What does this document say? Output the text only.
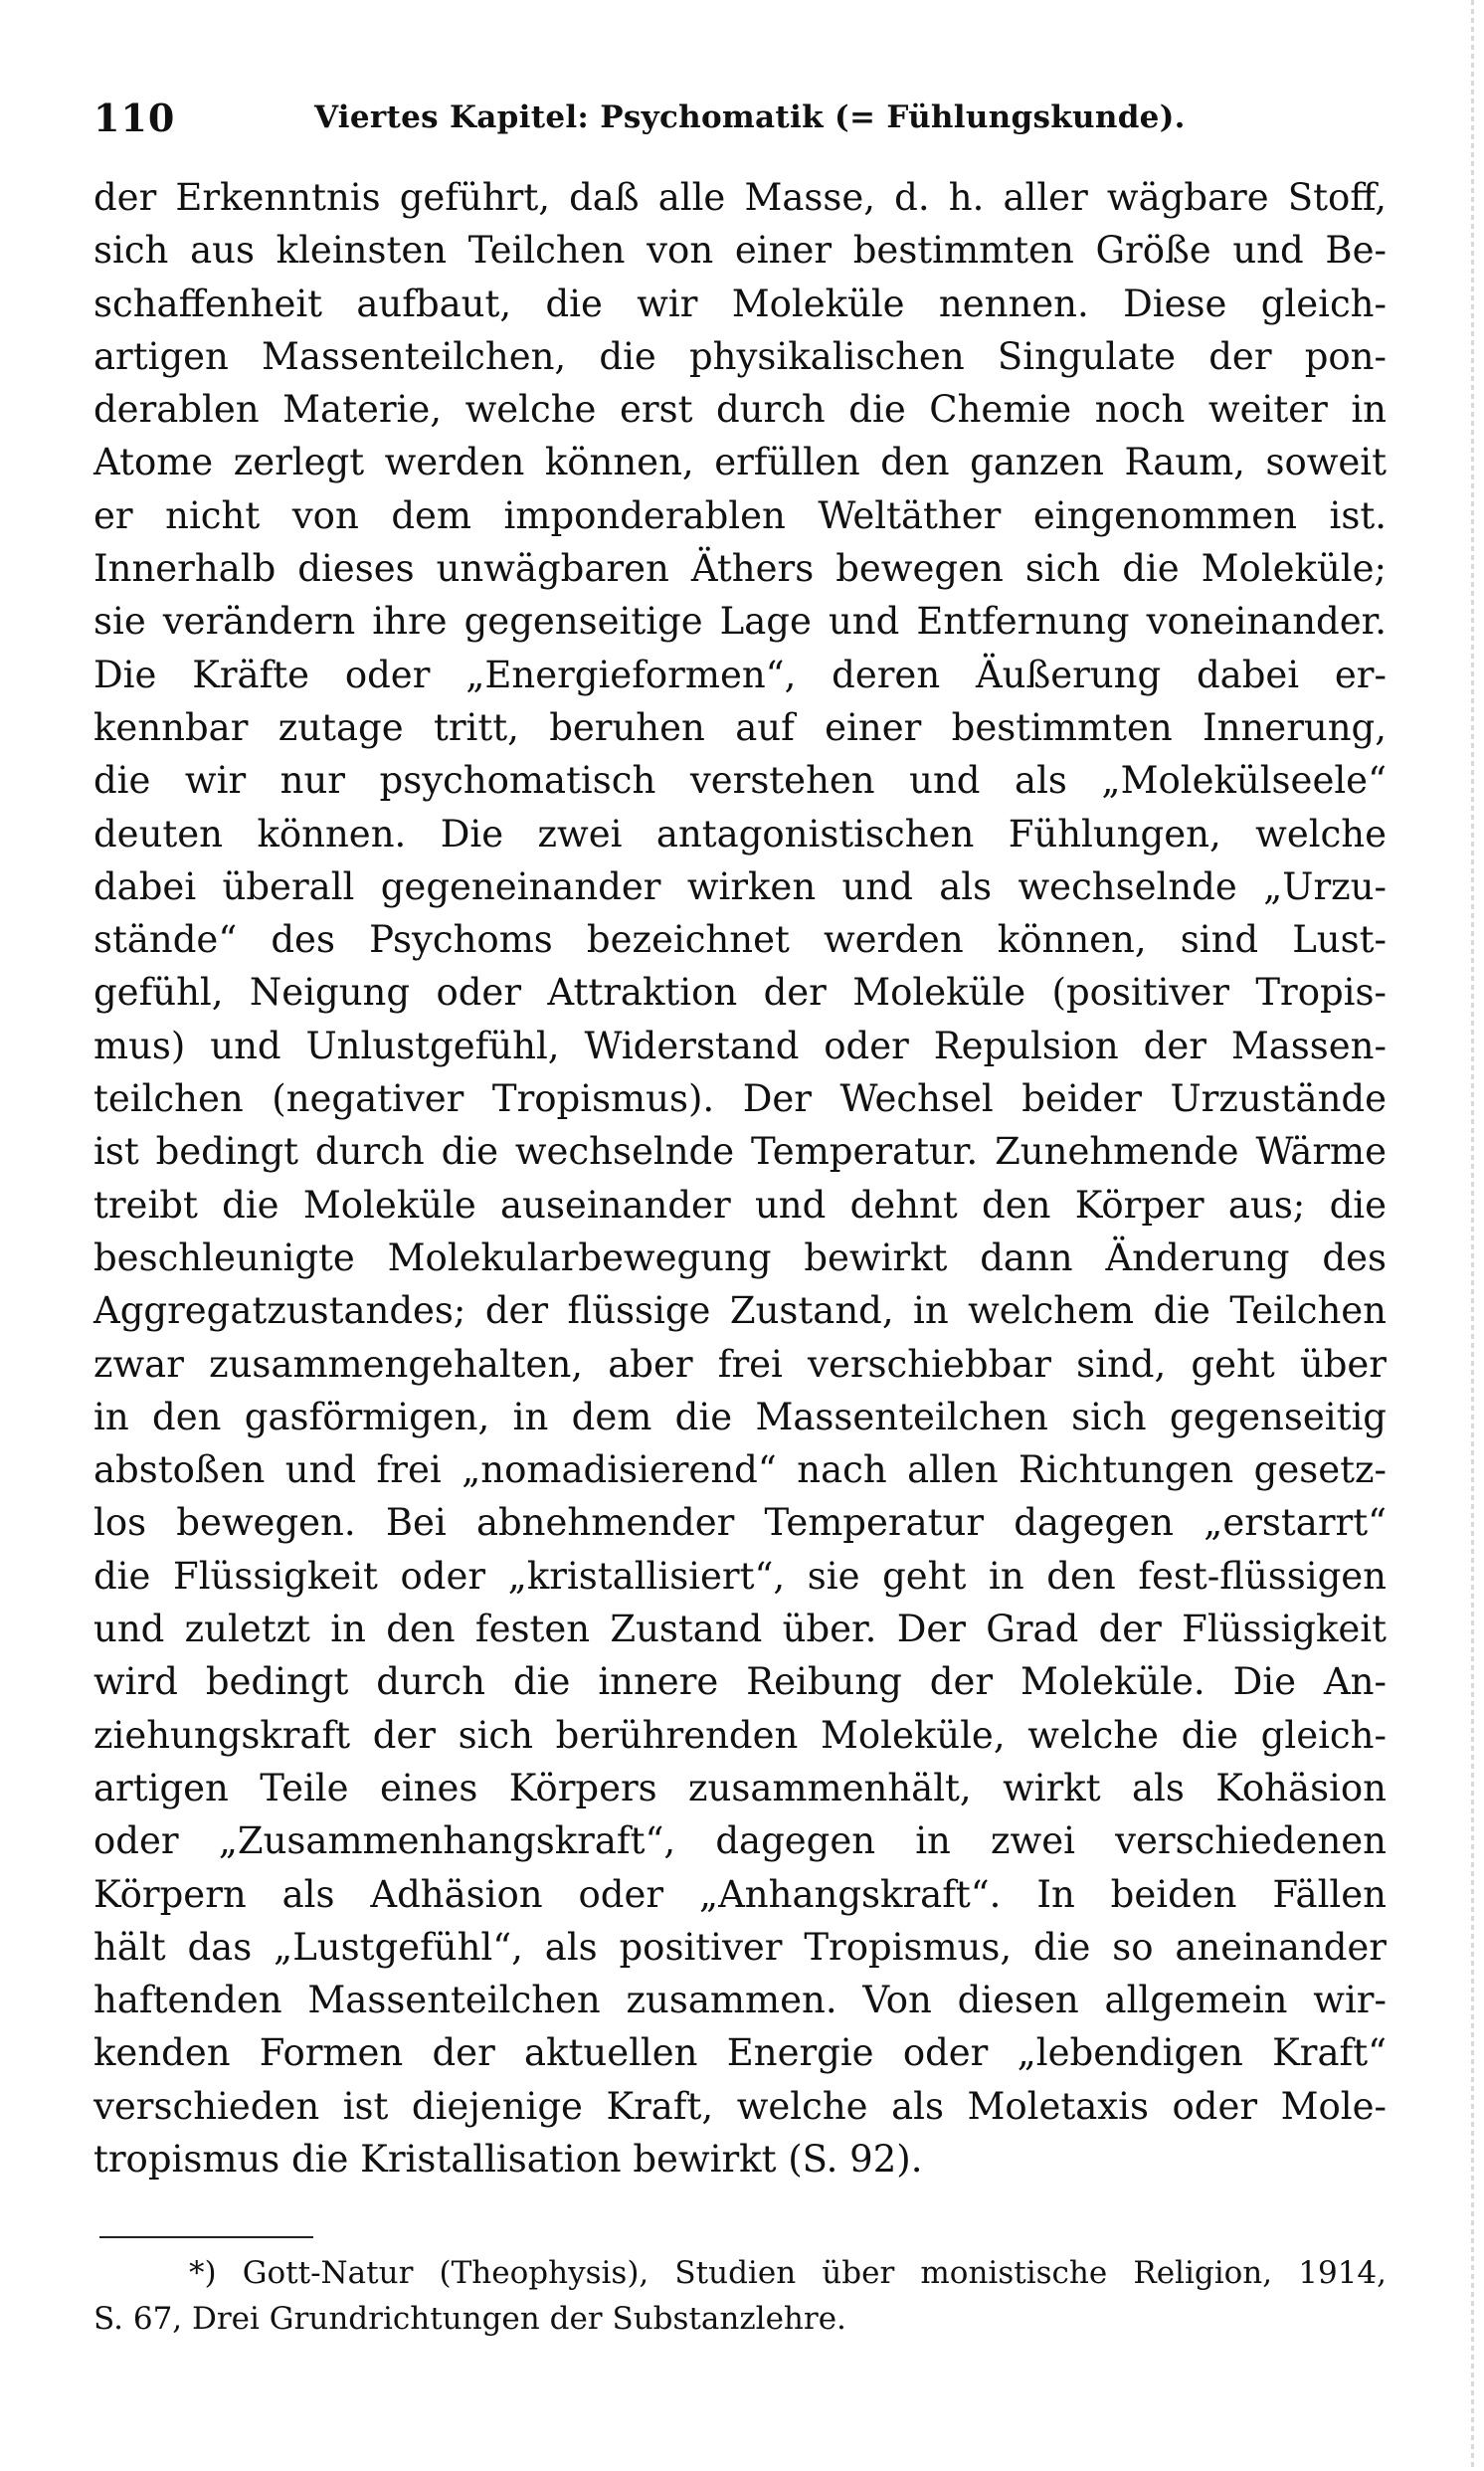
110	Viertes Kapitel: Psychomatik (= Fühlungskunde).
der Erkenntnis geführt, daß alle Masse, d. h. aller wägbare Stoff,
sich aus kleinsten Teilchen von einer bestimmten Größe und Be-
schaffenheit aufbaut, die wir Moleküle nennen. Diese gleich-
artigen Massenteilchen, die physikalischen Singulate der pon-
derablen Materie, welche erst durch die Chemie noch weiter in
Atome zerlegt werden können, erfüllen den ganzen Raum, soweit
er nicht von dem imponderablen Weltäther eingenommen ist.
Innerhalb dieses unwägbaren Äthers bewegen sich die Moleküle;
sie verändern ihre gegenseitige Lage und Entfernung voneinander.
Die Kräfte oder „Energieformen“, deren Äußerung dabei er-
kennbar zutage tritt, beruhen auf einer bestimmten Innerung,
die wir nur psychomatisch verstehen und als „Molekülseele“
deuten können. Die zwei antagonistischen Fühlungen, welche
dabei überall gegeneinander wirken und als wechselnde „Urzu-
stände“ des Psychoms bezeichnet werden können, sind Lust-
gefühl, Neigung oder Attraktion der Moleküle (positiver Tropis-
mus) und Unlustgefühl, Widerstand oder Repulsion der Massen-
teilchen (negativer Tropismus). Der Wechsel beider Urzustände
ist bedingt durch die wechselnde Temperatur. Zunehmende Wärme
treibt die Moleküle auseinander und dehnt den Körper aus; die
beschleunigte Molekularbewegung bewirkt dann Änderung des
Aggregatzustandes; der flüssige Zustand, in welchem die Teilchen
zwar zusammengehalten, aber frei verschiebbar sind, geht über
in den gasförmigen, in dem die Massenteilchen sich gegenseitig
abstoßen und frei „nomadisierend“ nach allen Richtungen gesetz-
los bewegen. Bei abnehmender Temperatur dagegen „erstarrt“
die Flüssigkeit oder „kristallisiert“, sie geht in den fest-flüssigen
und zuletzt in den festen Zustand über. Der Grad der Flüssigkeit
wird bedingt durch die innere Reibung der Moleküle. Die An-
ziehungskraft der sich berührenden Moleküle, welche die gleich-
artigen Teile eines Körpers zusammenhält, wirkt als Kohäsion
oder „Zusammenhangskraft“, dagegen in zwei verschiedenen
Körpern als Adhäsion oder „Anhangskraft“. In beiden Fällen
hält das „Lustgefühl“, als positiver Tropismus, die so aneinander
haftenden Massenteilchen zusammen. Von diesen allgemein wir-
kenden Formen der aktuellen Energie oder „lebendigen Kraft“
verschieden ist diejenige Kraft, welche als Moletaxis oder Mole-
tropismus die Kristallisation bewirkt (S. 92).
*) Gott-Natur (Theophysis), Studien über monistische Religion, 1914,
S. 67, Drei Grundrichtungen der Substanzlehre.
